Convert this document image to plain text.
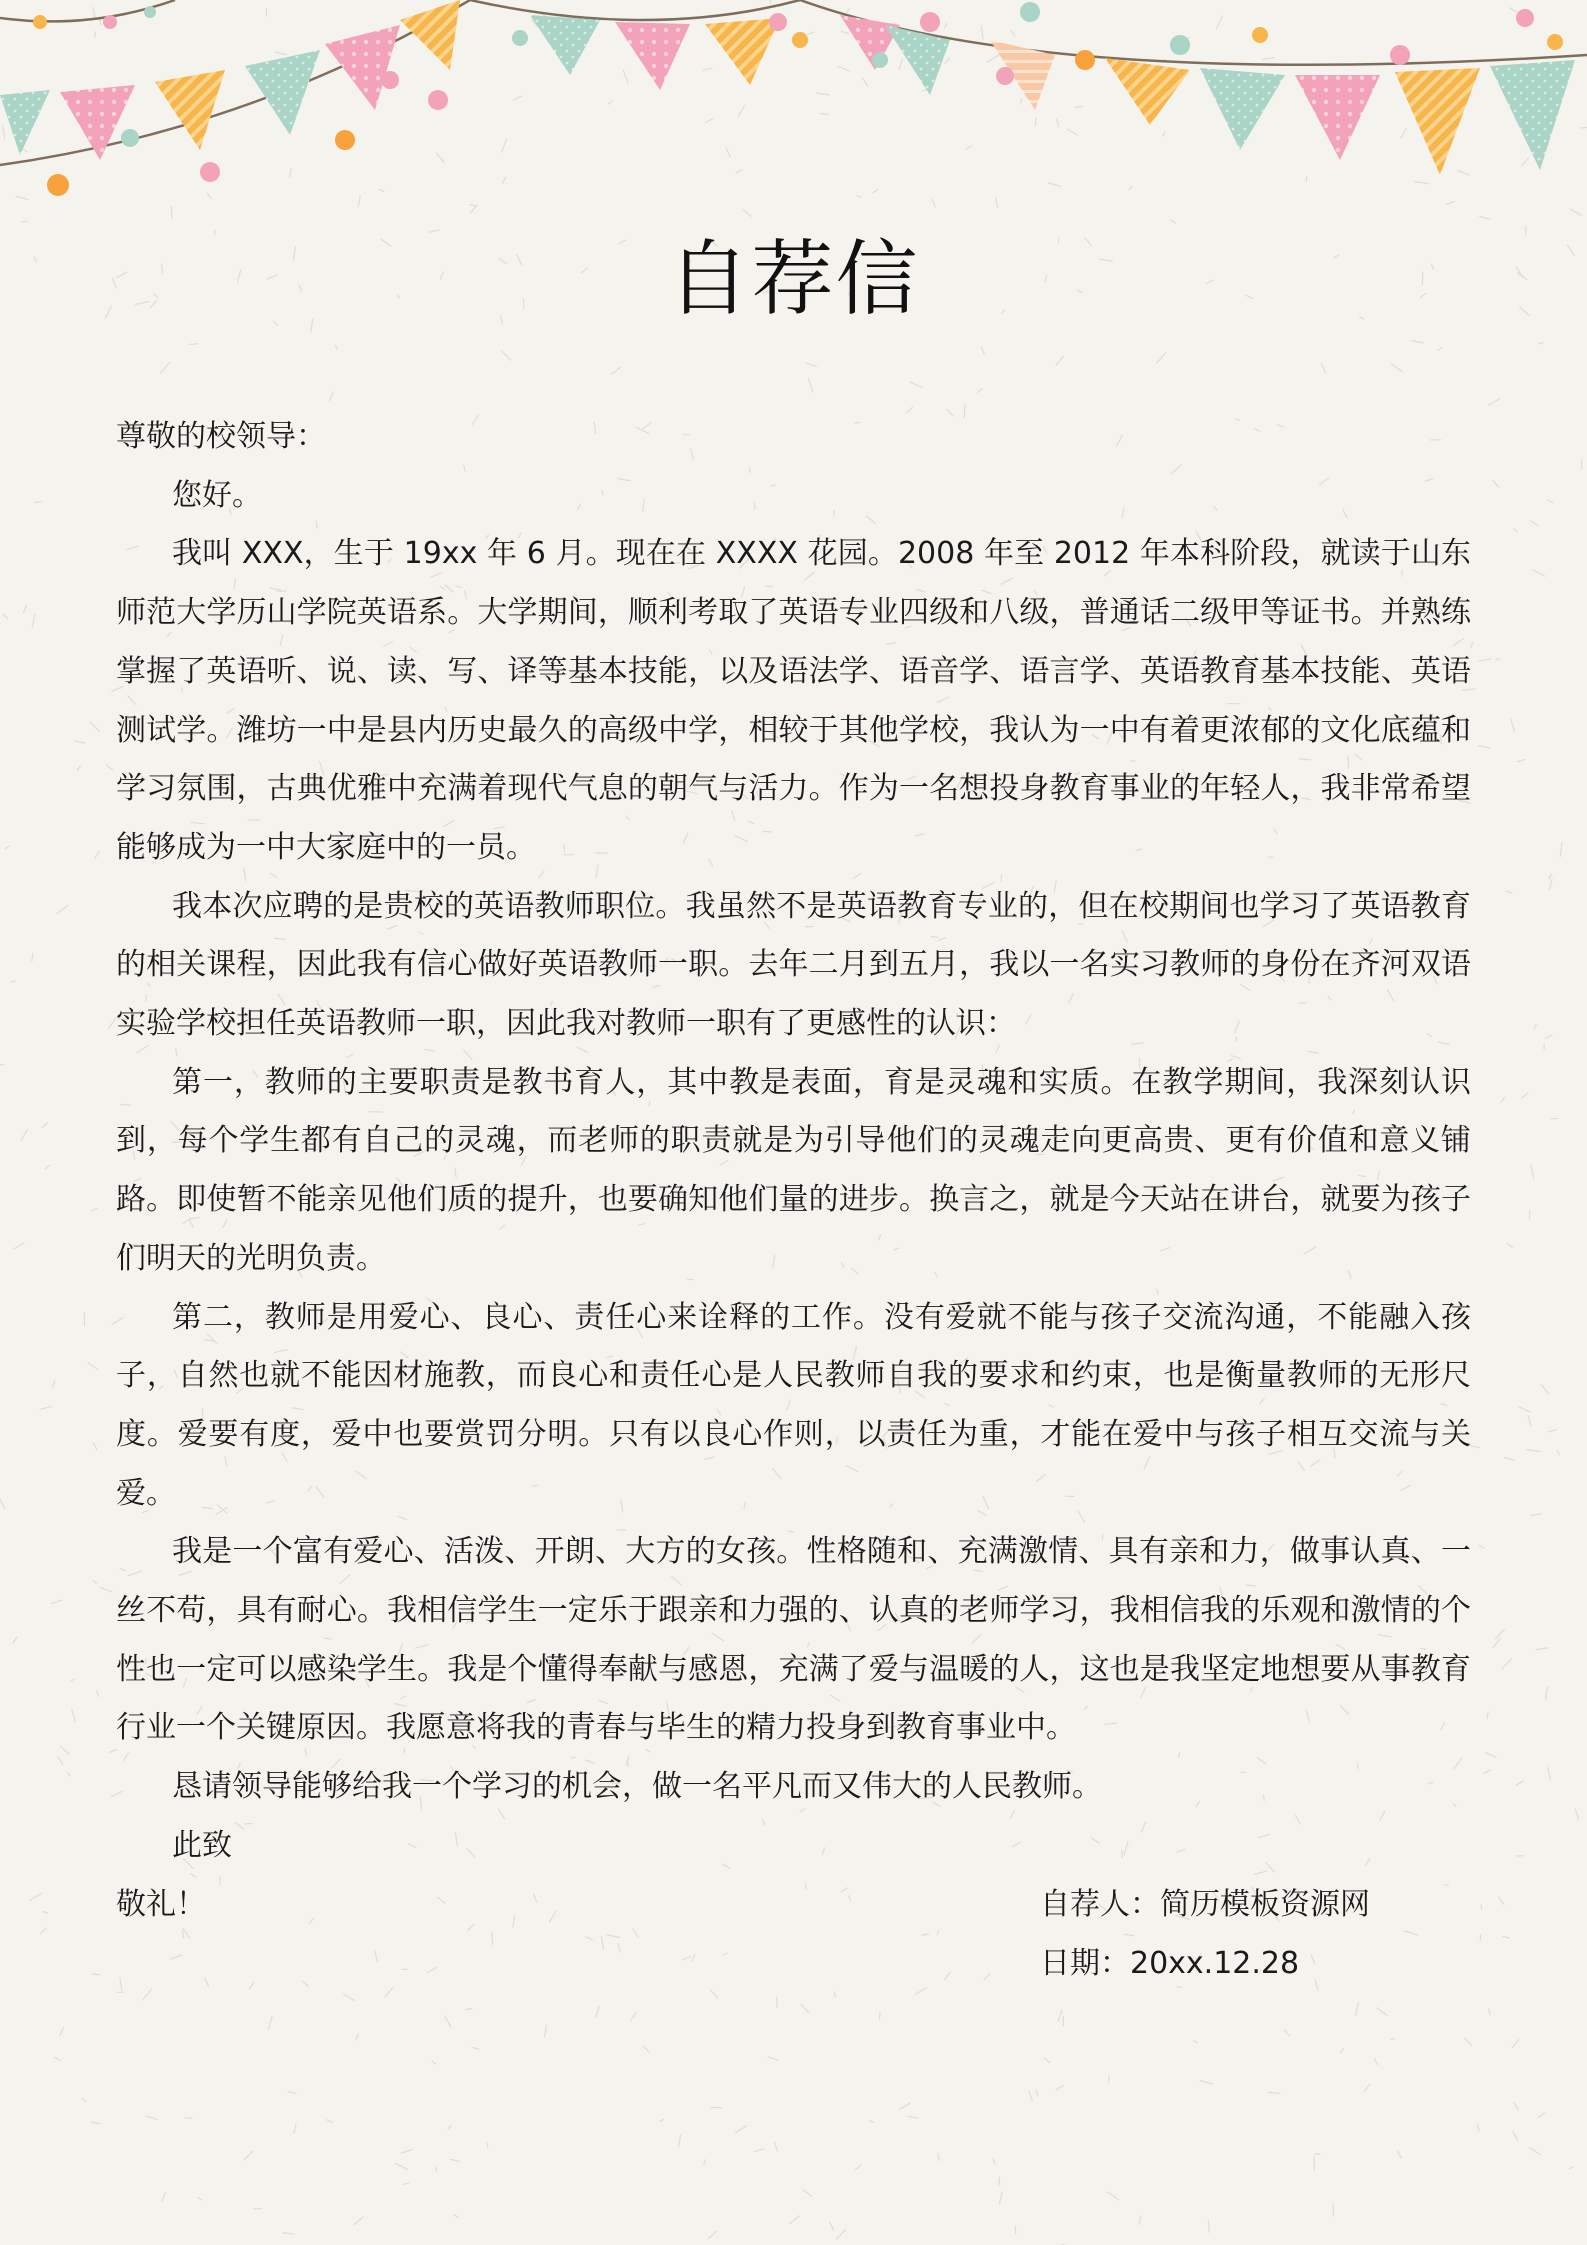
自荐信

尊敬的校领导：

您好。

我叫 XXX，生于 19xx 年 6 月。现在在 XXXX 花园。2008 年至 2012 年本科阶段，就读于山东师范大学历山学院英语系。大学期间，顺利考取了英语专业四级和八级，普通话二级甲等证书。并熟练掌握了英语听、说、读、写、译等基本技能，以及语法学、语音学、语言学、英语教育基本技能、英语测试学。潍坊一中是县内历史最久的高级中学，相较于其他学校，我认为一中有着更浓郁的文化底蕴和学习氛围，古典优雅中充满着现代气息的朝气与活力。作为一名想投身教育事业的年轻人，我非常希望能够成为一中大家庭中的一员。

我本次应聘的是贵校的英语教师职位。我虽然不是英语教育专业的，但在校期间也学习了英语教育的相关课程，因此我有信心做好英语教师一职。去年二月到五月，我以一名实习教师的身份在齐河双语实验学校担任英语教师一职，因此我对教师一职有了更感性的认识：

第一，教师的主要职责是教书育人，其中教是表面，育是灵魂和实质。在教学期间，我深刻认识到，每个学生都有自己的灵魂，而老师的职责就是为引导他们的灵魂走向更高贵、更有价值和意义铺路。即使暂不能亲见他们质的提升，也要确知他们量的进步。换言之，就是今天站在讲台，就要为孩子们明天的光明负责。

第二，教师是用爱心、良心、责任心来诠释的工作。没有爱就不能与孩子交流沟通，不能融入孩子，自然也就不能因材施教，而良心和责任心是人民教师自我的要求和约束，也是衡量教师的无形尺度。爱要有度，爱中也要赏罚分明。只有以良心作则，以责任为重，才能在爱中与孩子相互交流与关爱。

我是一个富有爱心、活泼、开朗、大方的女孩。性格随和、充满激情、具有亲和力，做事认真、一丝不苟，具有耐心。我相信学生一定乐于跟亲和力强的、认真的老师学习，我相信我的乐观和激情的个性也一定可以感染学生。我是个懂得奉献与感恩，充满了爱与温暖的人，这也是我坚定地想要从事教育行业一个关键原因。我愿意将我的青春与毕生的精力投身到教育事业中。

恳请领导能够给我一个学习的机会，做一名平凡而又伟大的人民教师。

此致

敬礼！	自荐人：简历模板资源网

日期：20xx.12.28
